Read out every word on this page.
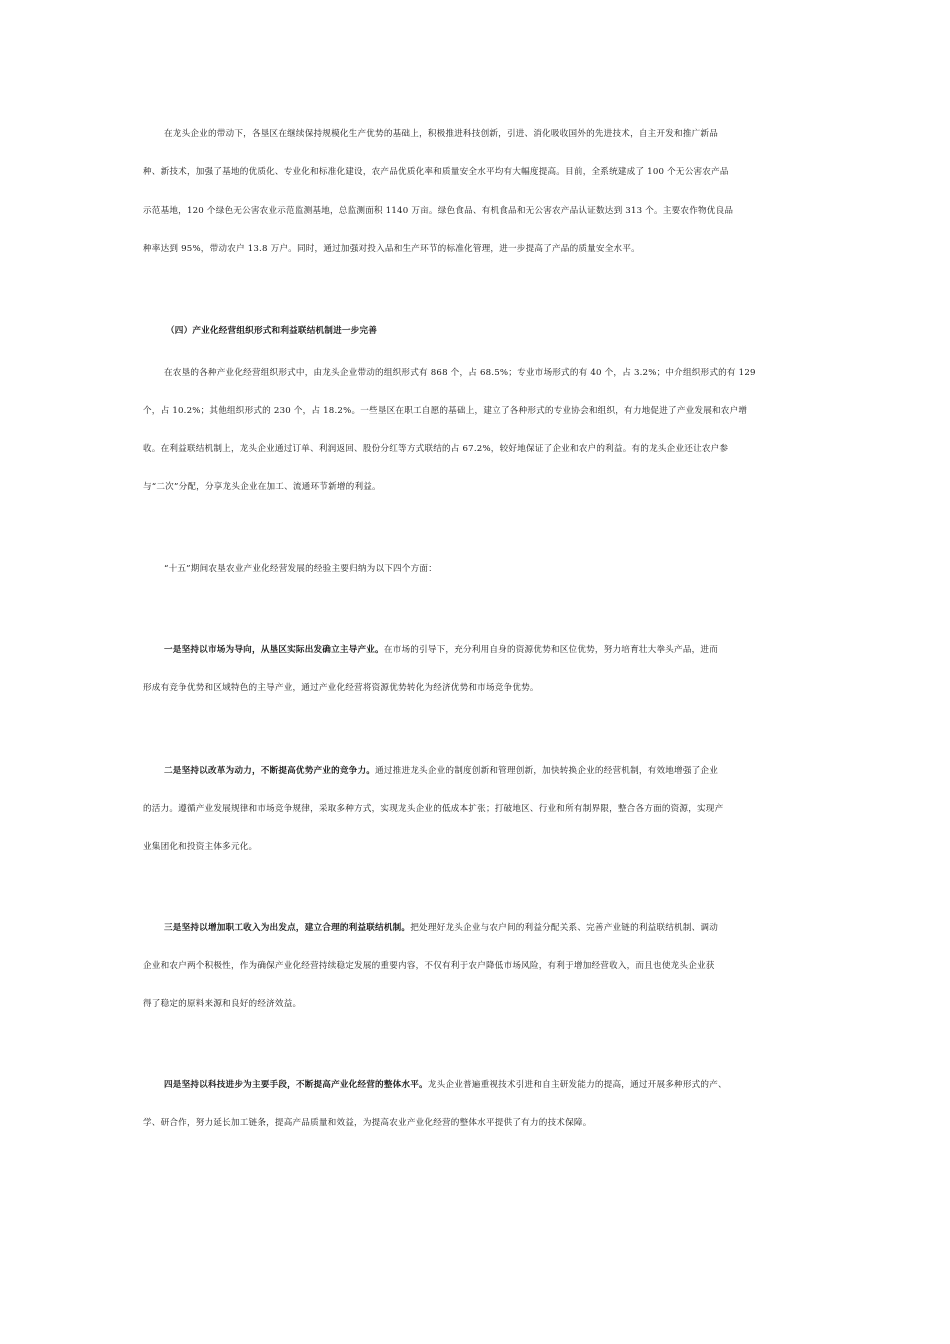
在龙头企业的带动下，各垦区在继续保持规模化生产优势的基础上，积极推进科技创新，引进、消化吸收国外的先进技术，自主开发和推广新品
种、新技术，加强了基地的优质化、专业化和标准化建设，农产品优质化率和质量安全水平均有大幅度提高。目前，全系统建成了 100 个无公害农产品
示范基地，120 个绿色无公害农业示范监测基地，总监测面积 1140 万亩。绿色食品、有机食品和无公害农产品认证数达到 313 个。主要农作物优良品
种率达到 95%，带动农户 13.8 万户。同时，通过加强对投入品和生产环节的标准化管理，进一步提高了产品的质量安全水平。
（四）产业化经营组织形式和利益联结机制进一步完善
在农垦的各种产业化经营组织形式中，由龙头企业带动的组织形式有 868 个，占 68.5%；专业市场形式的有 40 个，占 3.2%；中介组织形式的有 129
个，占 10.2%；其他组织形式的 230 个，占 18.2%。一些垦区在职工自愿的基础上，建立了各种形式的专业协会和组织，有力地促进了产业发展和农户增
收。在利益联结机制上，龙头企业通过订单、利润返回、股份分红等方式联结的占 67.2%，较好地保证了企业和农户的利益。有的龙头企业还让农户参
与“二次”分配，分享龙头企业在加工、流通环节新增的利益。
“十五”期间农垦农业产业化经营发展的经验主要归纳为以下四个方面：
一是坚持以市场为导向，从垦区实际出发确立主导产业。在市场的引导下，充分利用自身的资源优势和区位优势，努力培育壮大拳头产品，进而
形成有竞争优势和区域特色的主导产业，通过产业化经营将资源优势转化为经济优势和市场竞争优势。
二是坚持以改革为动力，不断提高优势产业的竞争力。通过推进龙头企业的制度创新和管理创新，加快转换企业的经营机制，有效地增强了企业
的活力。遵循产业发展规律和市场竞争规律，采取多种方式，实现龙头企业的低成本扩张；打破地区、行业和所有制界限，整合各方面的资源，实现产
业集团化和投资主体多元化。
三是坚持以增加职工收入为出发点，建立合理的利益联结机制。把处理好龙头企业与农户间的利益分配关系、完善产业链的利益联结机制、调动
企业和农户两个积极性，作为确保产业化经营持续稳定发展的重要内容，不仅有利于农户降低市场风险，有利于增加经营收入，而且也使龙头企业获
得了稳定的原料来源和良好的经济效益。
四是坚持以科技进步为主要手段，不断提高产业化经营的整体水平。龙头企业普遍重视技术引进和自主研发能力的提高，通过开展多种形式的产、
学、研合作，努力延长加工链条，提高产品质量和效益，为提高农业产业化经营的整体水平提供了有力的技术保障。
